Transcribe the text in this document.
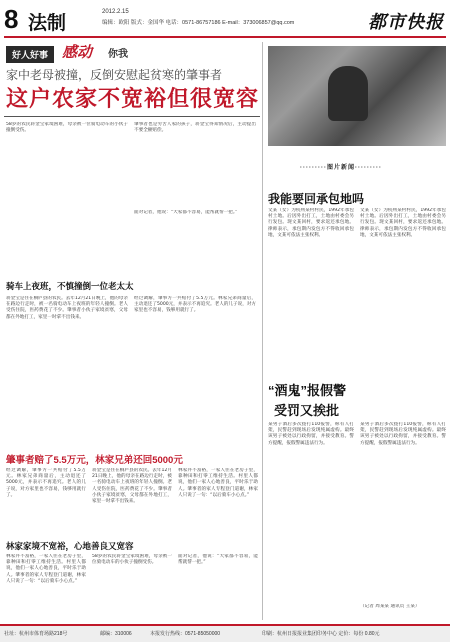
8 法制
2012.2.15
编辑：欧阳 版式：金国华 电话：0571-86757186 E-mail：373006857@qq.com	都市快报
好人好事 感动 你我
家中老母被撞，反倒安慰起贫寒的肇事者
这户农家不宽裕但很宽容
58岁的农民蒋金宝家境困难，母亲被一位骑电动车的小伙子撞倒受伤。
肇事者也是穷苦人家的孩子，蒋金宝得知情况后，主动提出不要全额赔偿。
面对记者，他说：“大家都不容易，能帮就帮一把。”
骑车上夜班，不慎撞倒一位老太太
蒋金宝是住在桐庐县的农民。去年12月21日晚上，他的母亲在路边行走时，被一名骑电动车上夜班的年轻人撞倒。老人受伤住院，医药费花了不少。肇事者小伙子家境贫寒，父母都在外地打工，家里一时拿不出钱来。
经过调解，肇事方一共赔付了5.5万元。林家兄弟商量后，主动退还了5000元，并表示不再追究。老人的儿子说，对方家里也不容易，钱够用就行了。
肇事者赔了5.5万元，林家兄弟还回5000元
经过调解，肇事方一共赔付了5.5万元。林家兄弟商量后，主动退还了5000元，并表示不再追究。老人的儿子说，对方家里也不容易，钱够用就行了。
蒋金宝是住在桐庐县的农民。去年12月21日晚上，他的母亲在路边行走时，被一名骑电动车上夜班的年轻人撞倒。老人受伤住院，医药费花了不少。肇事者小伙子家境贫寒，父母都在外地打工，家里一时拿不出钱来。
林家并不富裕，一家人住在老房子里，靠种田和打零工维持生活。村里人都说，他们一家人心地善良，平时乐于助人。肇事者的家人专程登门道谢，林家人只说了一句：“以后骑车小心点。”
林家家境不宽裕，心地善良又宽容
林家并不富裕，一家人住在老房子里，靠种田和打零工维持生活。村里人都说，他们一家人心地善良，平时乐于助人。肇事者的家人专程登门道谢，林家人只说了一句：“以后骑车小心点。”
58岁的农民蒋金宝家境困难，母亲被一位骑电动车的小伙子撞倒受伤。
面对记者，他说：“大家都不容易，能帮就帮一把。”
·········图片新闻·········
我能要回承包地吗
文某（女）为杭州某村村民，1992年承包村土地。后因外出打工，土地由村委会另行发包。现文某回村，要求返还承包地。律师表示，承包期内发包方不得收回承包地，文某可依法主张权利。
文某（女）为杭州某村村民，1992年承包村土地。后因外出打工，土地由村委会另行发包。现文某回村，要求返还承包地。律师表示，承包期内发包方不得收回承包地，文某可依法主张权利。
“酒鬼”报假警
受罚又挨批
某男子酒后多次拨打110报警，称有人打架，民警赶到现场后发现纯属虚构。最终该男子被处以行政拘留，并接受教育。警方提醒，报假警属违法行为。
某男子酒后多次拨打110报警，称有人打架，民警赶到现场后发现纯属虚构。最终该男子被处以行政拘留，并接受教育。警方提醒，报假警属违法行为。
（记者 周某某 通讯员 王某）
社址：杭州市体育场路218号	邮编：310006	本报发行热线：0571-85050000	印刷：杭州日报报业集团印务中心 定价：每份 0.80元
